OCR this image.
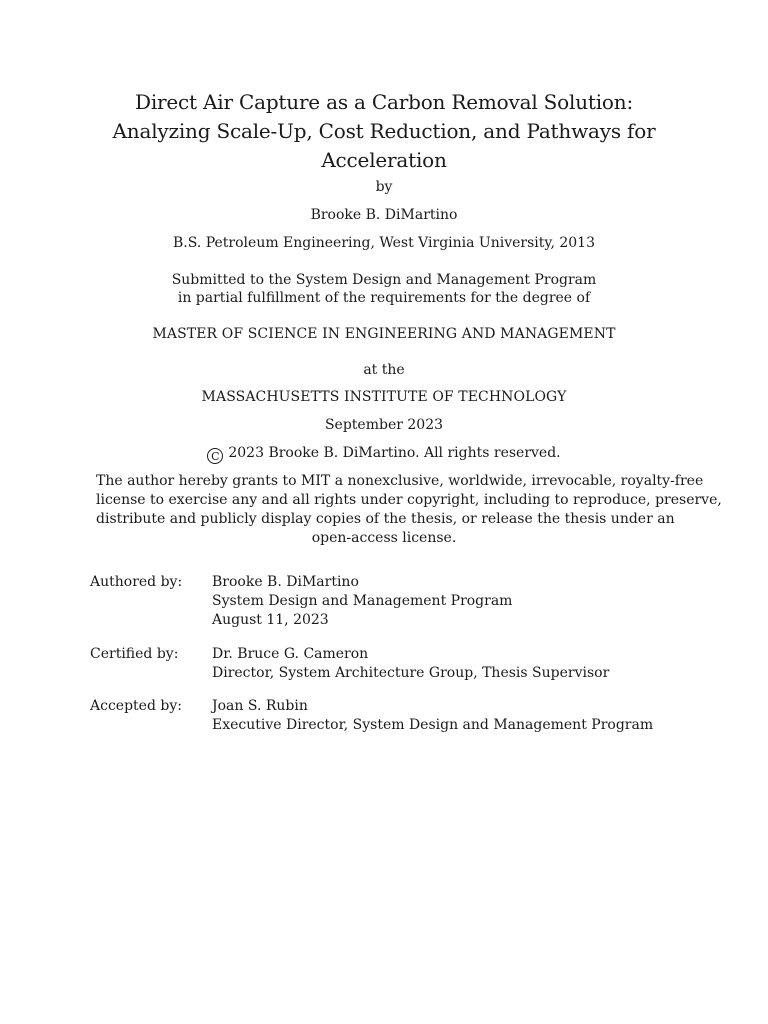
Direct Air Capture as a Carbon Removal Solution:
Analyzing Scale-Up, Cost Reduction, and Pathways for
Acceleration
by
Brooke B. DiMartino
B.S. Petroleum Engineering, West Virginia University, 2013
Submitted to the System Design and Management Program
in partial fulfillment of the requirements for the degree of
MASTER OF SCIENCE IN ENGINEERING AND MANAGEMENT
at the
MASSACHUSETTS INSTITUTE OF TECHNOLOGY
September 2023
C 2023 Brooke B. DiMartino. All rights reserved.
The author hereby grants to MIT a nonexclusive, worldwide, irrevocable, royalty-free
license to exercise any and all rights under copyright, including to reproduce, preserve,
distribute and publicly display copies of the thesis, or release the thesis under an
open-access license.
Authored by: Brooke B. DiMartino
System Design and Management Program
August 11, 2023
Certified by: Dr. Bruce G. Cameron
Director, System Architecture Group, Thesis Supervisor
Accepted by: Joan S. Rubin
Executive Director, System Design and Management Program
